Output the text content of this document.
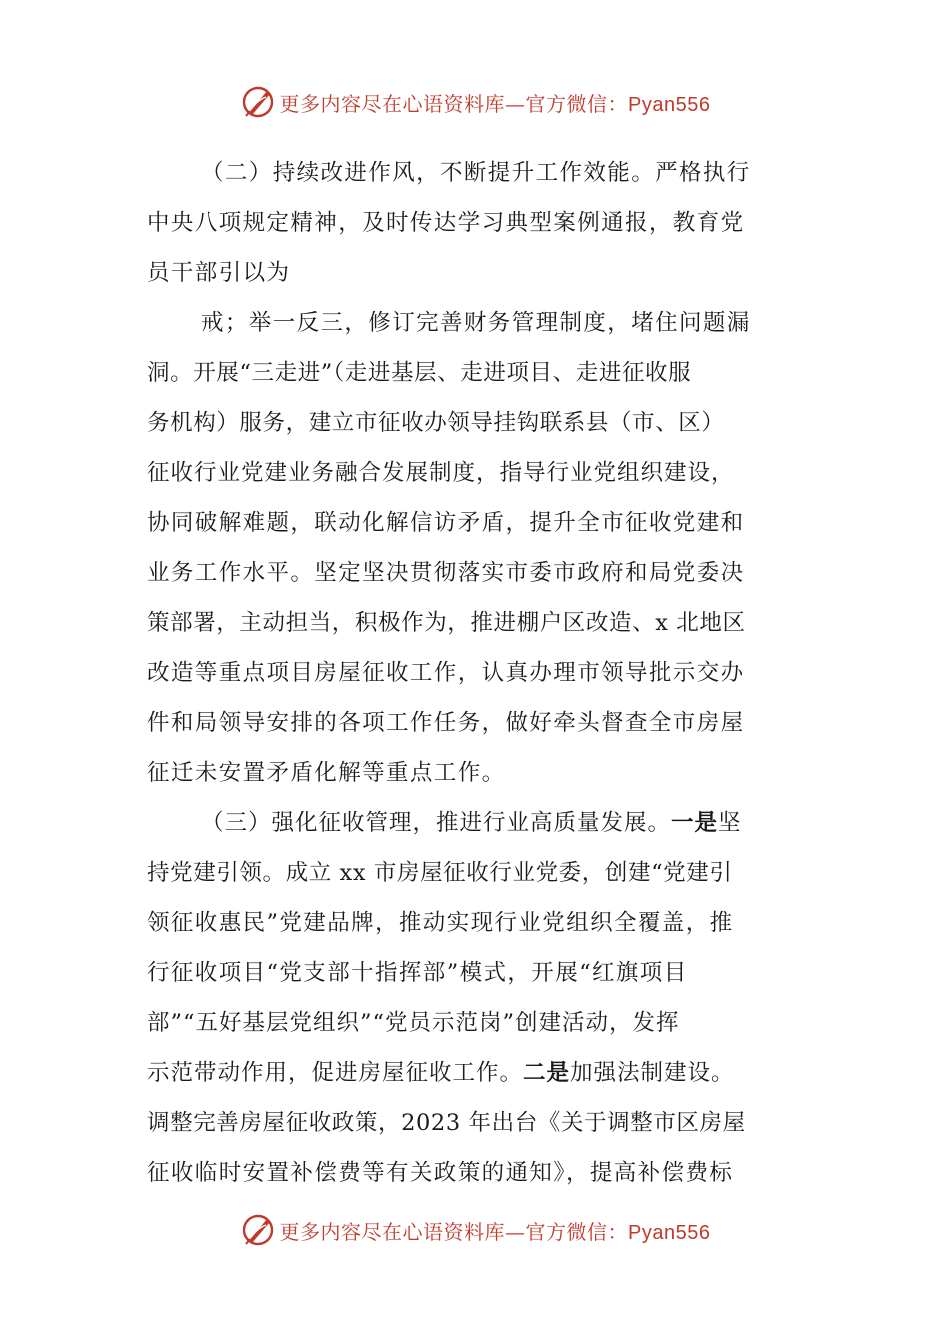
更多内容尽在心语资料库—官方微信：Pyan556
（二）持续改进作风，不断提升工作效能。严格执行
中央八项规定精神，及时传达学习典型案例通报，教育党
员干部引以为
戒；举一反三，修订完善财务管理制度，堵住问题漏
洞。开展“三走进”（走进基层、走进项目、走进征收服
务机构）服务，建立市征收办领导挂钩联系县（市、区）
征收行业党建业务融合发展制度，指导行业党组织建设，
协同破解难题，联动化解信访矛盾，提升全市征收党建和
业务工作水平。坚定坚决贯彻落实市委市政府和局党委决
策部署，主动担当，积极作为，推进棚户区改造、x 北地区
改造等重点项目房屋征收工作，认真办理市领导批示交办
件和局领导安排的各项工作任务，做好牵头督查全市房屋
征迁未安置矛盾化解等重点工作。
（三）强化征收管理，推进行业高质量发展。一是坚
持党建引领。成立 xx 市房屋征收行业党委，创建“党建引
领征收惠民”党建品牌，推动实现行业党组织全覆盖，推
行征收项目“党支部十指挥部”模式，开展“红旗项目
部”“五好基层党组织”“党员示范岗”创建活动，发挥
示范带动作用，促进房屋征收工作。二是加强法制建设。
调整完善房屋征收政策，2023 年出台《关于调整市区房屋
征收临时安置补偿费等有关政策的通知》，提高补偿费标
更多内容尽在心语资料库—官方微信：Pyan556
